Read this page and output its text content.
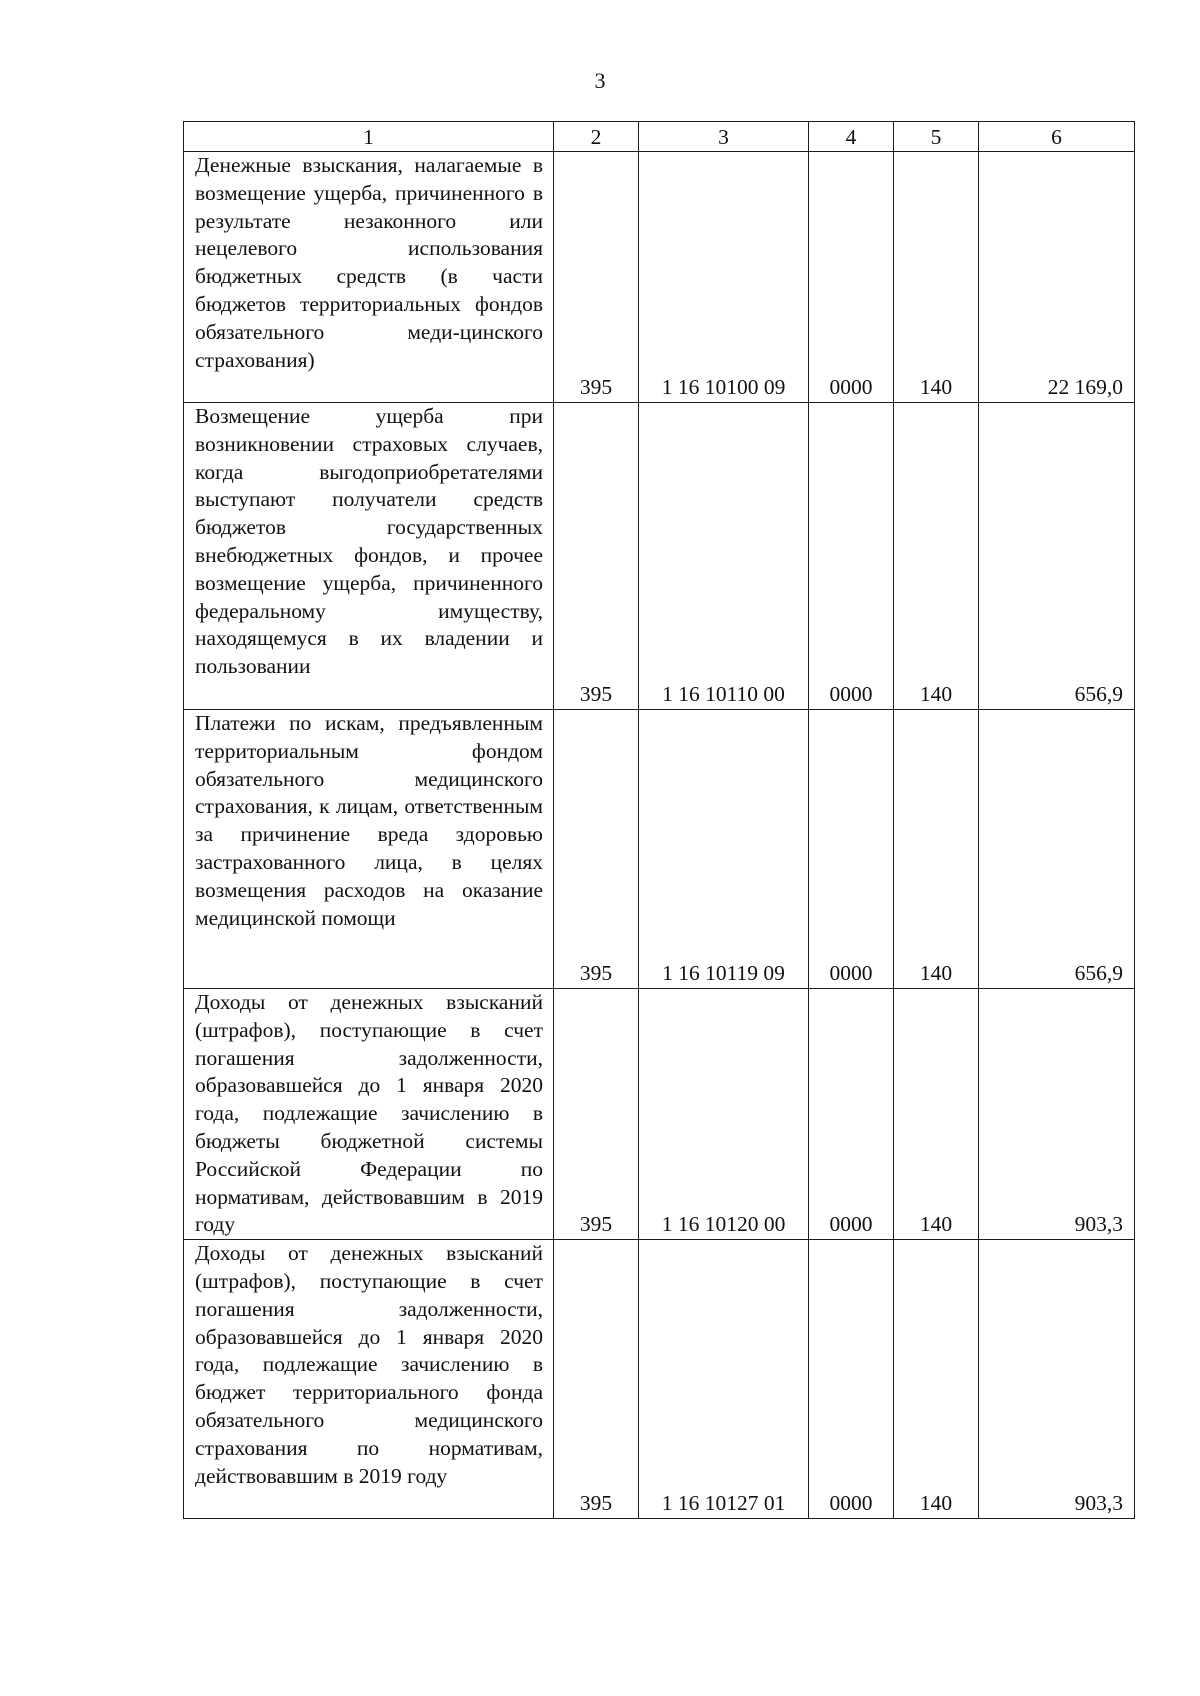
3
1	2	3	4	5	6
Денежные взыскания, налагаемые в возмещение ущерба, причиненного в результате незаконного или нецелевого использования бюджетных средств (в части бюджетов территориальных фондов обязательного меди-цинского страхования)	395	1 16 10100 09	0000	140	22 169,0
Возмещение ущерба при возникновении страховых случаев, когда выгодоприобретателями выступают получатели средств бюджетов государственных внебюджетных фондов, и прочее возмещение ущерба, причиненного федеральному имуществу, находящемуся в их владении и пользовании	395	1 16 10110 00	0000	140	656,9
Платежи по искам, предъявленным территориальным фондом обязательного медицинского страхования, к лицам, ответственным за причинение вреда здоровью застрахованного лица, в целях возмещения расходов на оказание медицинской помощи	395	1 16 10119 09	0000	140	656,9
Доходы от денежных взысканий (штрафов), поступающие в счет погашения задолженности, образовавшейся до 1 января 2020 года, подлежащие зачислению в бюджеты бюджетной системы Российской Федерации по нормативам, действовавшим в 2019 году	395	1 16 10120 00	0000	140	903,3
Доходы от денежных взысканий (штрафов), поступающие в счет погашения задолженности, образовавшейся до 1 января 2020 года, подлежащие зачислению в бюджет территориального фонда обязательного медицинского страхования по нормативам, действовавшим в 2019 году	395	1 16 10127 01	0000	140	903,3
